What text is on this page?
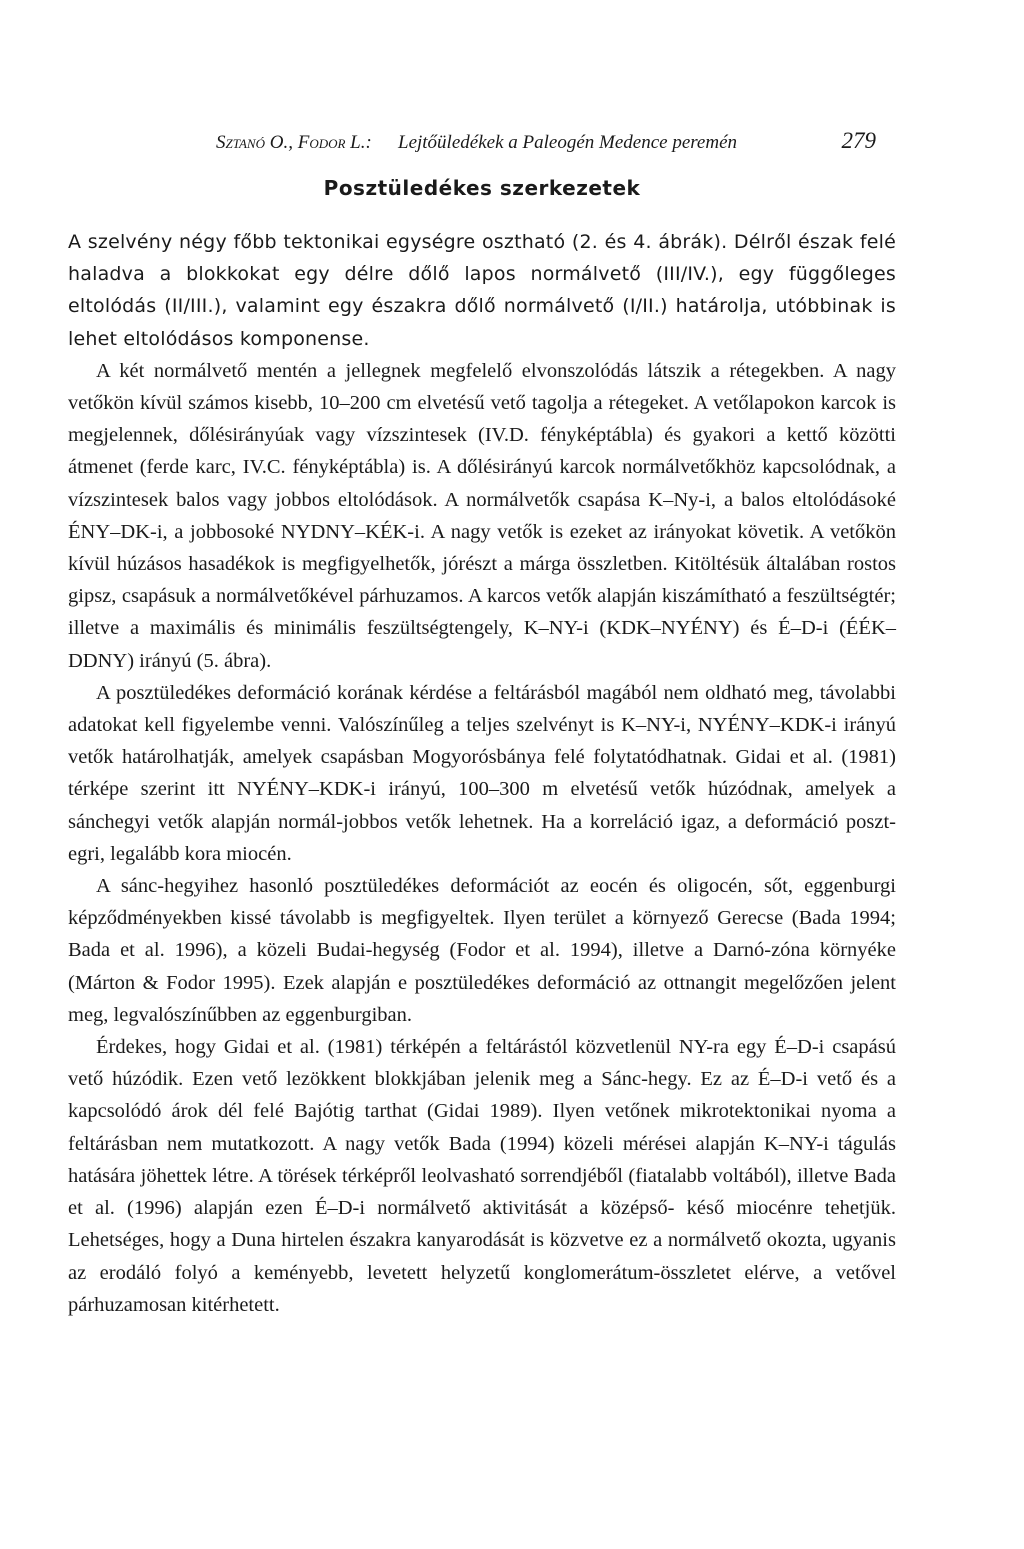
Sztanó O., Fodor L.: Lejtőüledékek a Paleogén Medence peremén	279
Posztüledékes szerkezetek

A szelvény négy főbb tektonikai egységre osztható (2. és 4. ábrák). Délről észak felé haladva a blokkokat egy délre dőlő lapos normálvető (III/IV.), egy függőleges eltolódás (II/III.), valamint egy északra dőlő normálvető (I/II.) határolja, utóbbinak is lehet eltolódásos komponense.

A két normálvető mentén a jellegnek megfelelő elvonszolódás látszik a rétegekben. A nagy vetőkön kívül számos kisebb, 10–200 cm elvetésű vető tagolja a rétegeket. A vetőlapokon karcok is megjelennek, dőlésirányúak vagy vízszintesek (IV.D. fényképtábla) és gyakori a kettő közötti átmenet (ferde karc, IV.C. fényképtábla) is. A dőlésirányú karcok normálvetőkhöz kapcsolódnak, a vízszintesek balos vagy jobbos eltolódások. A normálvetők csapása K–Ny-i, a balos eltolódásoké ÉNY–DK-i, a jobbosoké NYDNY–KÉK-i. A nagy vetők is ezeket az irányokat követik. A vetőkön kívül húzásos hasadékok is megfigyelhetők, jórészt a márga összletben. Kitöltésük általában rostos gipsz, csapásuk a normálvetőkével párhuzamos. A karcos vetők alapján kiszámítható a feszültségtér; illetve a maximális és minimális feszültségtengely, K–NY-i (KDK–NYÉNY) és É–D-i (ÉÉK–DDNY) irányú (5. ábra).

A posztüledékes deformáció korának kérdése a feltárásból magából nem oldható meg, távolabbi adatokat kell figyelembe venni. Valószínűleg a teljes szelvényt is K–NY-i, NYÉNY–KDK-i irányú vetők határolhatják, amelyek csapásban Mogyorósbánya felé folytatódhatnak. Gidai et al. (1981) térképe szerint itt NYÉNY–KDK-i irányú, 100–300 m elvetésű vetők húzódnak, amelyek a sánchegyi vetők alapján normál-jobbos vetők lehetnek. Ha a korreláció igaz, a deformáció poszt-egri, legalább kora miocén.

A sánc-hegyihez hasonló posztüledékes deformációt az eocén és oligocén, sőt, eggenburgi képződményekben kissé távolabb is megfigyeltek. Ilyen terület a környező Gerecse (Bada 1994; Bada et al. 1996), a közeli Budai-hegység (Fodor et al. 1994), illetve a Darnó-zóna környéke (Márton & Fodor 1995). Ezek alapján e posztüledékes deformáció az ottnangit megelőzően jelent meg, legvalószínűbben az eggenburgiban.

Érdekes, hogy Gidai et al. (1981) térképén a feltárástól közvetlenül NY-ra egy É–D-i csapású vető húzódik. Ezen vető lezökkent blokkjában jelenik meg a Sánc-hegy. Ez az É–D-i vető és a kapcsolódó árok dél felé Bajótig tarthat (Gidai 1989). Ilyen vetőnek mikrotektonikai nyoma a feltárásban nem mutatkozott. A nagy vetők Bada (1994) közeli mérései alapján K–NY-i tágulás hatására jöhettek létre. A törések térképről leolvasható sorrendjéből (fiatalabb voltából), illetve Bada et al. (1996) alapján ezen É–D-i normálvető aktivitását a középső- késő miocénre tehetjük. Lehetséges, hogy a Duna hirtelen északra kanyarodását is közvetve ez a normálvető okozta, ugyanis az erodáló folyó a keményebb, levetett helyzetű konglomerátum-összletet elérve, a vetővel párhuzamosan kitérhetett.
